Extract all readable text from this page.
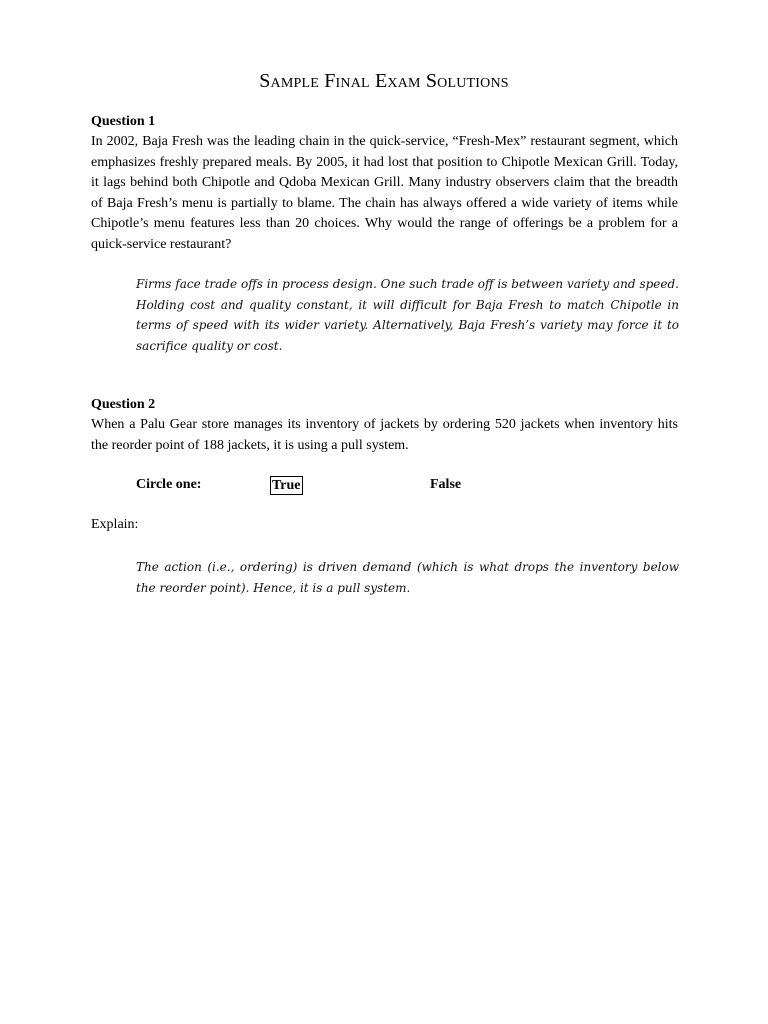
Sample Final Exam Solutions
Question 1
In 2002, Baja Fresh was the leading chain in the quick-service, “Fresh-Mex” restaurant segment, which emphasizes freshly prepared meals. By 2005, it had lost that position to Chipotle Mexican Grill. Today, it lags behind both Chipotle and Qdoba Mexican Grill. Many industry observers claim that the breadth of Baja Fresh’s menu is partially to blame. The chain has always offered a wide variety of items while Chipotle’s menu features less than 20 choices. Why would the range of offerings be a problem for a quick-service restaurant?
Firms face trade offs in process design. One such trade off is between variety and speed. Holding cost and quality constant, it will difficult for Baja Fresh to match Chipotle in terms of speed with its wider variety. Alternatively, Baja Fresh’s variety may force it to sacrifice quality or cost.
Question 2
When a Palu Gear store manages its inventory of jackets by ordering 520 jackets when inventory hits the reorder point of 188 jackets, it is using a pull system.
Circle one:	True	False
Explain:
The action (i.e., ordering) is driven demand (which is what drops the inventory below the reorder point). Hence, it is a pull system.
